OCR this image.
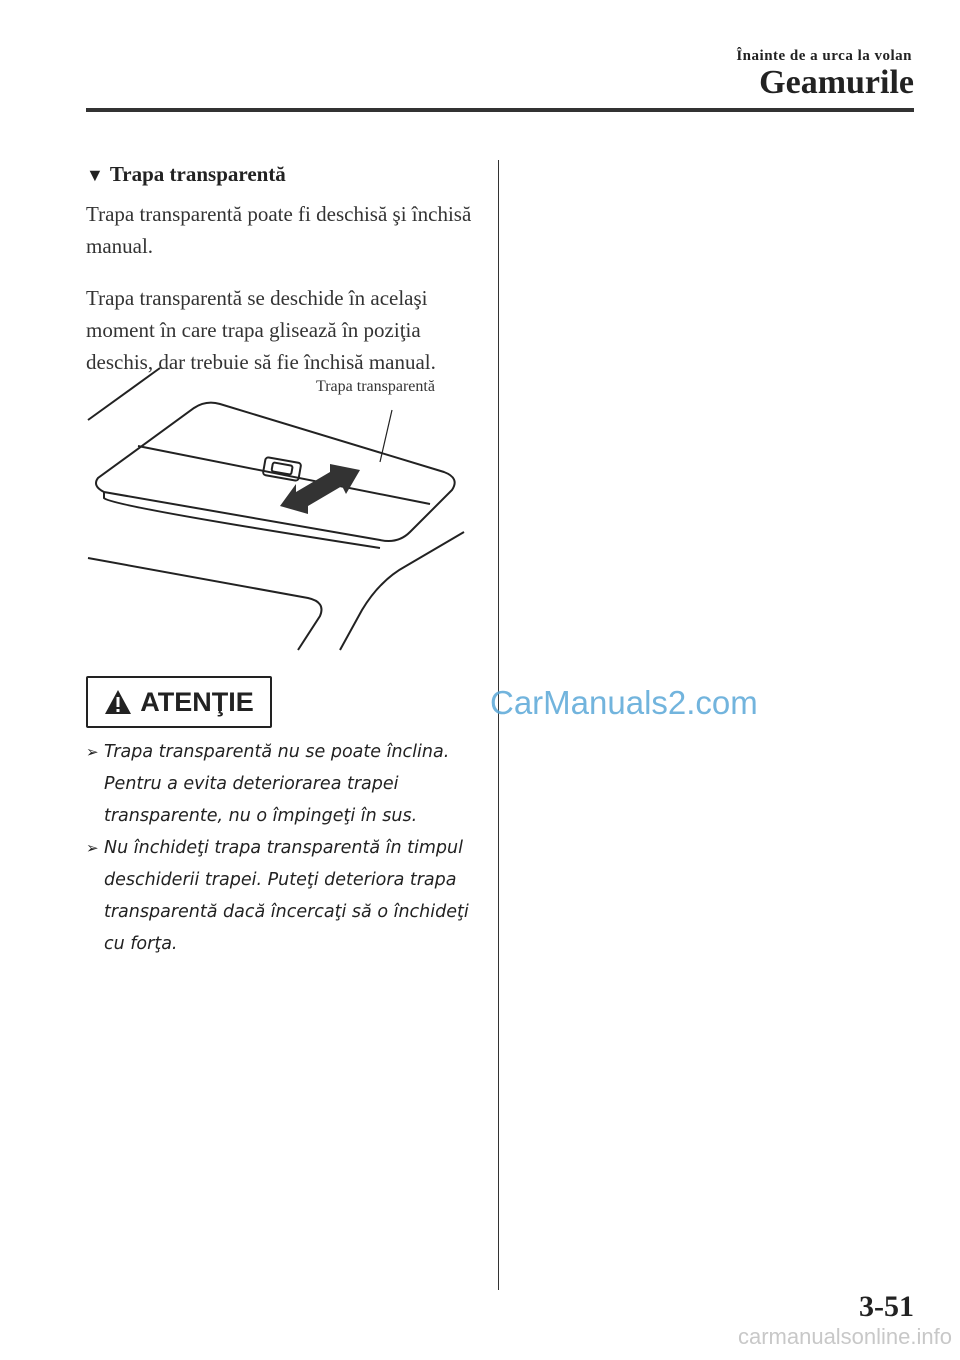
Înainte de a urca la volan
Geamurile
▼ Trapa transparentă
Trapa transparentă poate fi deschisă şi închisă manual.
Trapa transparentă se deschide în acelaşi moment în care trapa glisează în poziţia deschis, dar trebuie să fie închisă manual.
Trapa transparentă
ATENŢIE
➢ Trapa transparentă nu se poate înclina. Pentru a evita deteriorarea trapei transparente, nu o împingeţi în sus.
➢ Nu închideţi trapa transparentă în timpul deschiderii trapei. Puteţi deteriora trapa transparentă dacă încercaţi să o închideţi cu forţa.
CarManuals2.com
3-51
carmanualsonline.info
